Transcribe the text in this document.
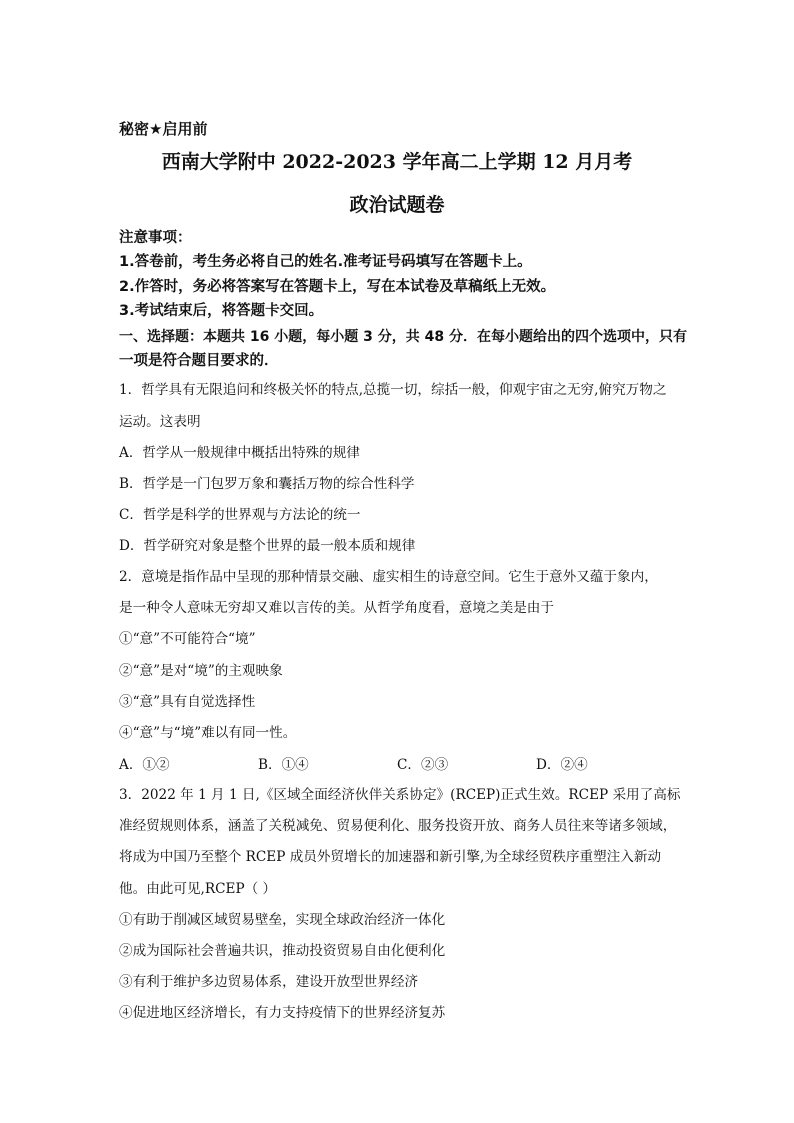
秘密★启用前
西南大学附中 2022-2023 学年高二上学期 12 月月考
政治试题卷
注意事项：
1.答卷前，考生务必将自己的姓名.准考证号码填写在答题卡上。
2.作答时，务必将答案写在答题卡上，写在本试卷及草稿纸上无效。
3.考试结束后，将答题卡交回。
一、选择题：本题共 16 小题，每小题 3 分，共 48 分．在每小题给出的四个选项中，只有
一项是符合题目要求的．
1．哲学具有无限追问和终极关怀的特点,总揽一切，综括一般，仰观宇宙之无穷,俯究万物之
运动。这表明
A．哲学从一般规律中概括出特殊的规律
B．哲学是一门包罗万象和囊括万物的综合性科学
C．哲学是科学的世界观与方法论的统一
D．哲学研究对象是整个世界的最一般本质和规律
2．意境是指作品中呈现的那种情景交融、虚实相生的诗意空间。它生于意外又蕴于象内，
是一种令人意味无穷却又难以言传的美。从哲学角度看，意境之美是由于
①“意”不可能符合“境”
②“意”是对“境”的主观映象
③“意”具有自觉选择性
④“意”与“境”难以有同一性。
A．①②	B．①④	C．②③	D．②④
3．2022 年 1 月 1 日,《区域全面经济伙伴关系协定》(RCEP)正式生效。RCEP 采用了高标
准经贸规则体系，涵盖了关税减免、贸易便利化、服务投资开放、商务人员往来等诸多领域，
将成为中国乃至整个 RCEP 成员外贸增长的加速器和新引擎,为全球经贸秩序重塑注入新动
他。由此可见,RCEP（ ）
①有助于削减区域贸易壁垒，实现全球政治经济一体化
②成为国际社会普遍共识，推动投资贸易自由化便利化
③有利于维护多边贸易体系，建设开放型世界经济
④促进地区经济增长，有力支持疫情下的世界经济复苏
